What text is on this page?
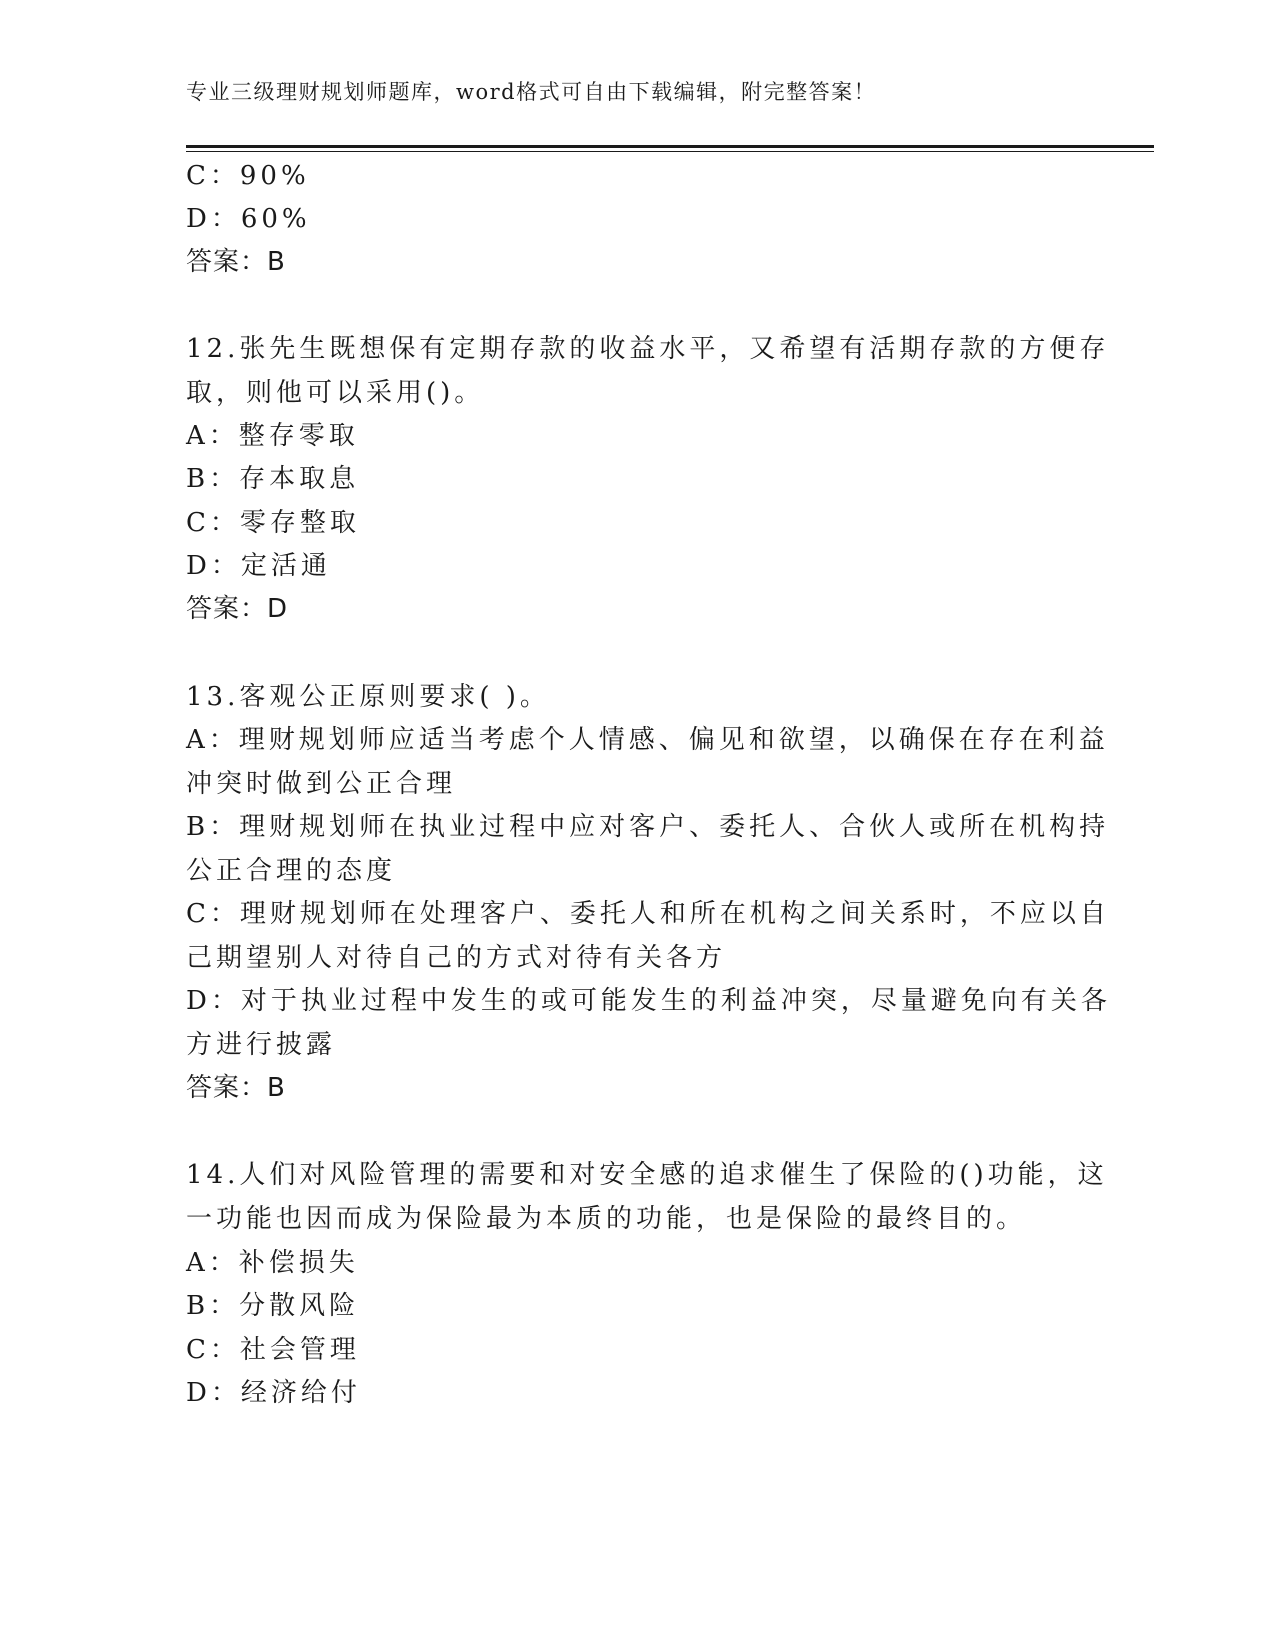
专业三级理财规划师题库，word格式可自由下载编辑，附完整答案！
C：90%
D：60%
答案：B
12.张先生既想保有定期存款的收益水平，又希望有活期存款的方便存
取，则他可以采用()。
A：整存零取
B：存本取息
C：零存整取
D：定活通
答案：D
13.客观公正原则要求( )。
A：理财规划师应适当考虑个人情感、偏见和欲望，以确保在存在利益
冲突时做到公正合理
B：理财规划师在执业过程中应对客户、委托人、合伙人或所在机构持
公正合理的态度
C：理财规划师在处理客户、委托人和所在机构之间关系时，不应以自
己期望别人对待自己的方式对待有关各方
D：对于执业过程中发生的或可能发生的利益冲突，尽量避免向有关各
方进行披露
答案：B
14.人们对风险管理的需要和对安全感的追求催生了保险的()功能，这
一功能也因而成为保险最为本质的功能，也是保险的最终目的。
A：补偿损失
B：分散风险
C：社会管理
D：经济给付
